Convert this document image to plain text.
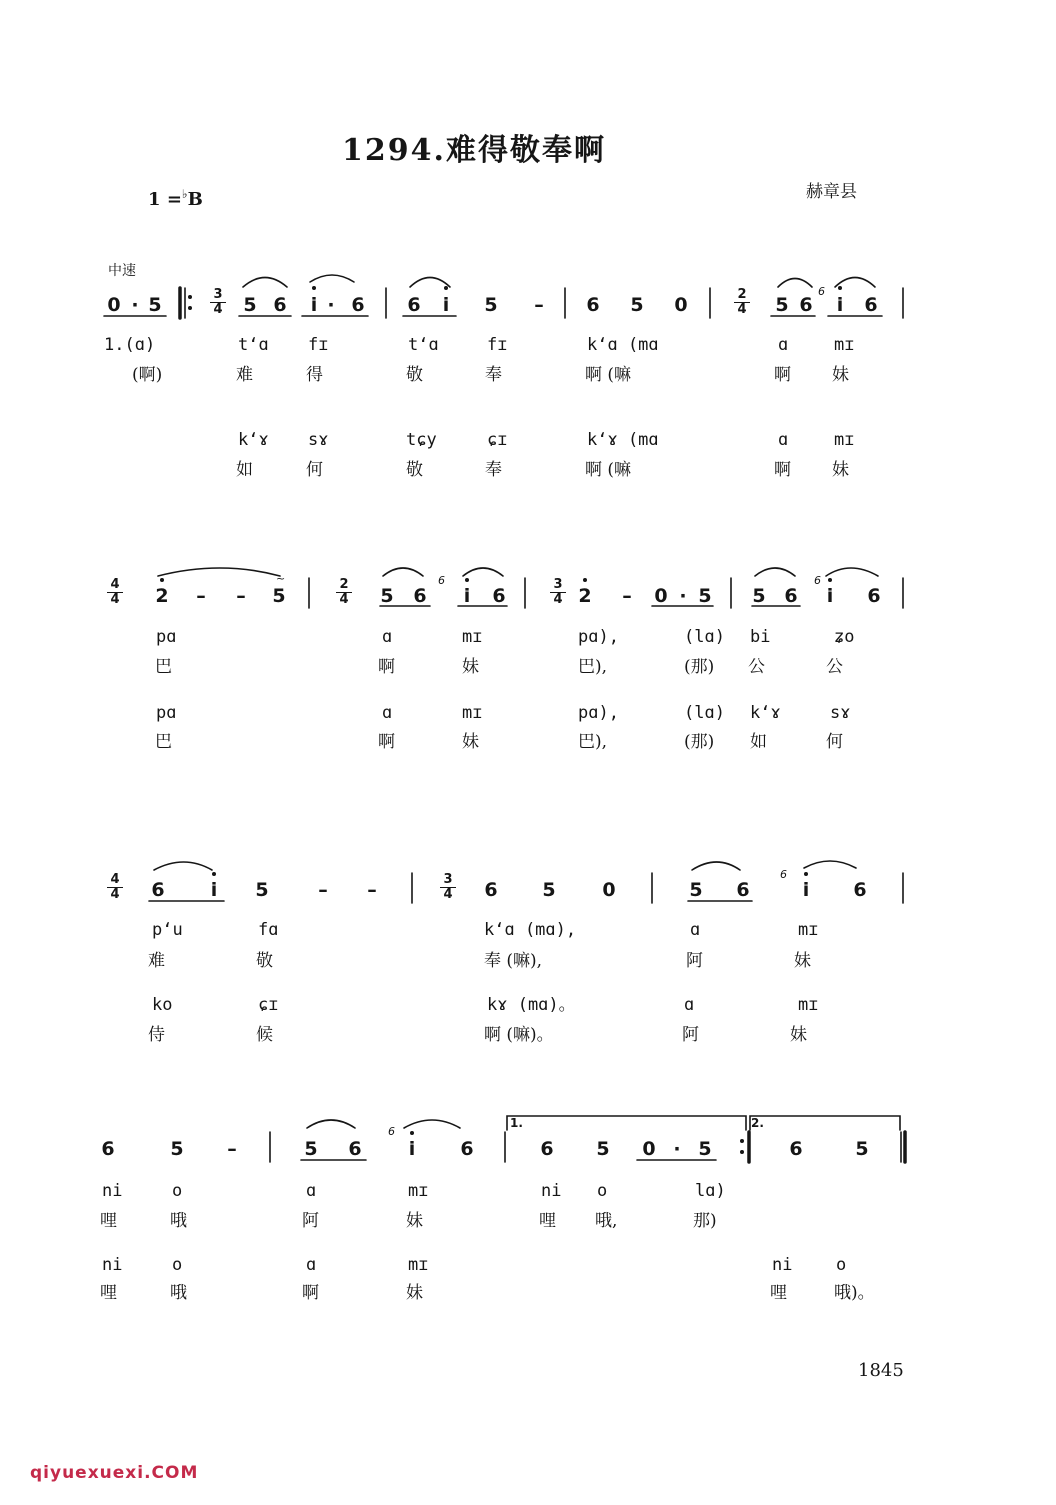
1294.难得敬奉啊
1 =♭B	赫章县
中速
0 · 5	$\frac{3}{4} 5$ 6	i · 6 6	i	5	–	6 5 0	$\frac{2}{4} 5$ 6
6
i	6
1.(ɑ)	tʻɑ fɪ	tʻɑ	fɪ	kʻɑ (mɑ	ɑ	mɪ
(啊)	难	得	敬	奉	啊 (嘛	啊 妹
kʻɤ sɤ	tɕy	ɕɪ	kʻɤ (mɑ	ɑ	mɪ
如	何	敬	奉	啊 (嘛	啊 妹
$\frac{4}{4} 2$	–	–	5
~	$\frac{2}{4} 5$ 6
6
i	6	$\frac{3}{4} 2$	–	0 · 5 5 6
6
i	6
pɑ	ɑ	mɪ	pɑ),	(lɑ) bi	ʑo
巴	啊	妹	巴),	(那) 公	公
pɑ	ɑ	mɪ	pɑ),	(lɑ) kʻɤ	sɤ
巴	啊	妹	巴),	(那) 如	何
$\frac{4}{4} 6$	i	5	–	–	$\frac{3}{4} 6$ 5 0	5 6
6
i	6
pʻu	fɑ	kʻɑ (mɑ),	ɑ	mɪ
难	敬	奉 (嘛),	阿	妹
ko	ɕɪ	kɤ (mɑ)。	ɑ	mɪ
侍	候	啊 (嘛)。	阿	妹
6	5	–	5 6
6
i	6
1.
6 5 0 · 5
2.
6	5
ni	o	ɑ	mɪ	ni o	lɑ)
哩	哦	阿	妹	哩 哦,	那)
ni	o	ɑ	mɪ	ni	o
哩	哦	啊	妹	哩	哦)。
1845
qiyuexuexi.COM
